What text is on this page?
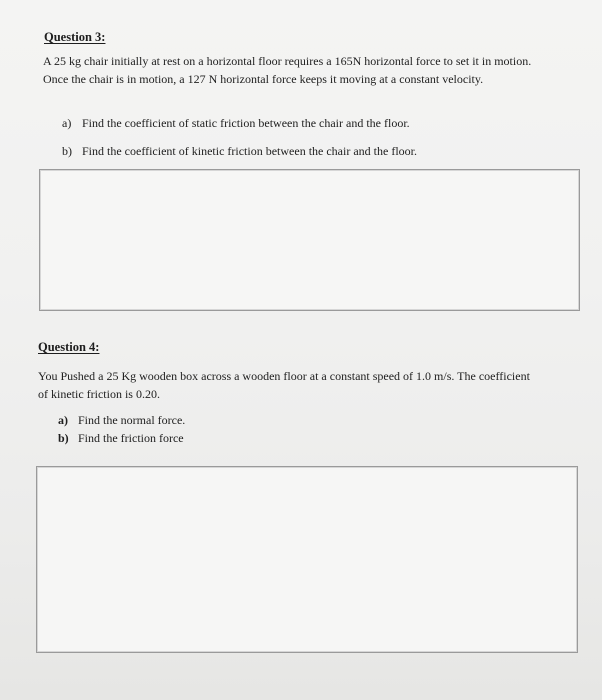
Question 3:

A 25 kg chair initially at rest on a horizontal floor requires a 165N horizontal force to set it in motion. Once the chair is in motion, a 127 N horizontal force keeps it moving at a constant velocity.

a) Find the coefficient of static friction between the chair and the floor.
b) Find the coefficient of kinetic friction between the chair and the floor.
Question 4:

You Pushed a 25 Kg wooden box across a wooden floor at a constant speed of 1.0 m/s. The coefficient of kinetic friction is 0.20.

a) Find the normal force.
b) Find the friction force
